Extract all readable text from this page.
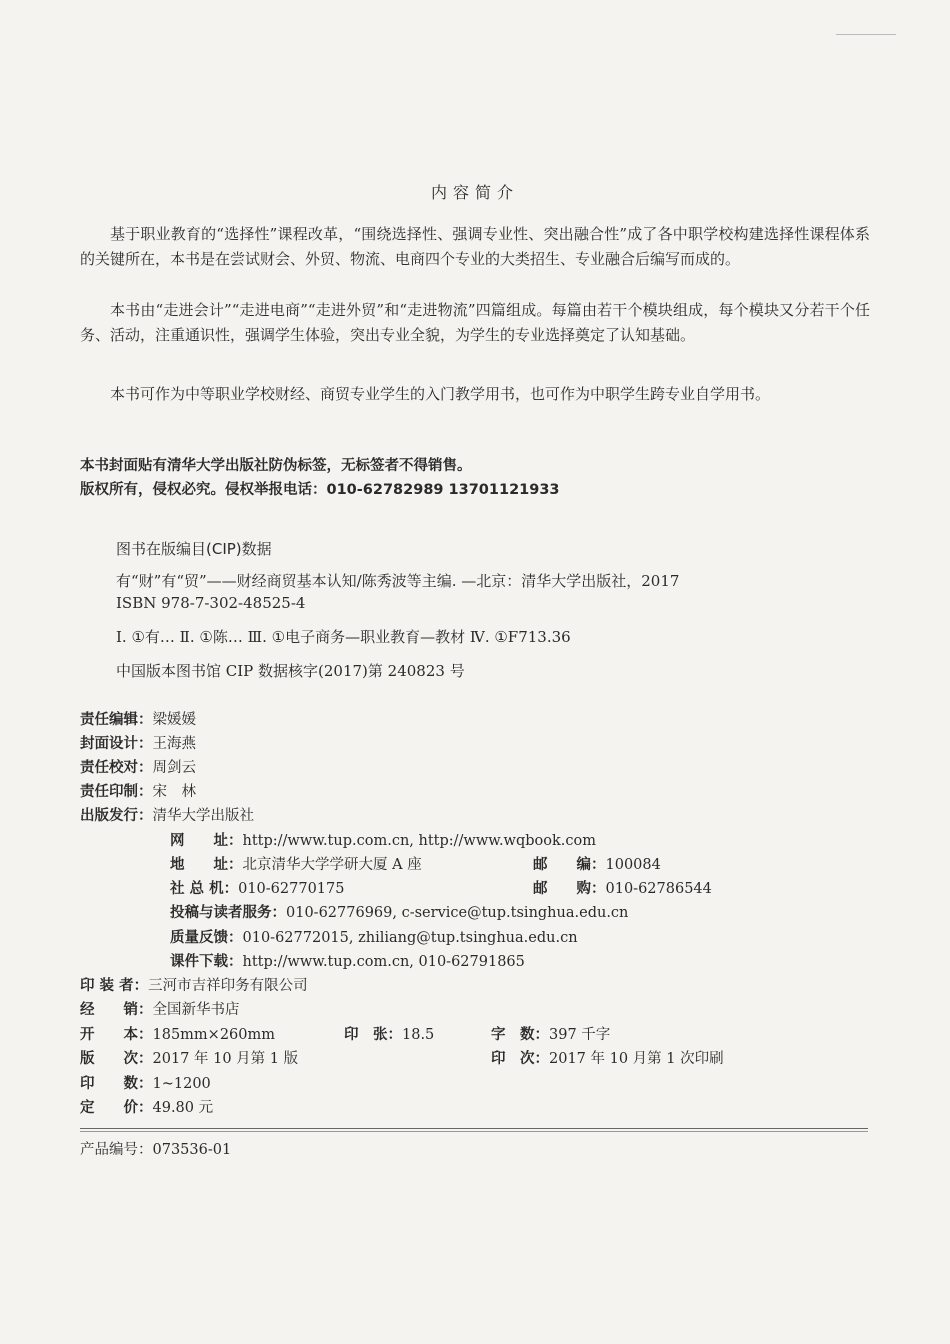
内容简介
基于职业教育的“选择性”课程改革，“围绕选择性、强调专业性、突出融合性”成了各中职学校构建选择性课程体系的关键所在，本书是在尝试财会、外贸、物流、电商四个专业的大类招生、专业融合后编写而成的。
本书由“走进会计”“走进电商”“走进外贸”和“走进物流”四篇组成。每篇由若干个模块组成，每个模块又分若干个任务、活动，注重通识性，强调学生体验，突出专业全貌，为学生的专业选择奠定了认知基础。
本书可作为中等职业学校财经、商贸专业学生的入门教学用书，也可作为中职学生跨专业自学用书。
本书封面贴有清华大学出版社防伪标签，无标签者不得销售。
版权所有，侵权必究。侵权举报电话：010-62782989 13701121933
图书在版编目(CIP)数据
有“财”有“贸”——财经商贸基本认知/陈秀波等主编. —北京：清华大学出版社，2017
ISBN 978-7-302-48525-4
Ⅰ. ①有… Ⅱ. ①陈… Ⅲ. ①电子商务—职业教育—教材 Ⅳ. ①F713.36
中国版本图书馆 CIP 数据核字(2017)第 240823 号
责任编辑：梁媛媛
封面设计：王海燕
责任校对：周剑云
责任印制：宋　林
出版发行：清华大学出版社
网　　址：http://www.tup.com.cn, http://www.wqbook.com
地　　址：北京清华大学学研大厦 A 座	邮　　编：100084
社 总 机：010-62770175	邮　　购：010-62786544
投稿与读者服务：010-62776969, c-service@tup.tsinghua.edu.cn
质量反馈：010-62772015, zhiliang@tup.tsinghua.edu.cn
课件下载：http://www.tup.com.cn, 010-62791865
印 装 者：三河市吉祥印务有限公司
经　　销：全国新华书店
开　　本：185mm×260mm	印　张：18.5	字　数：397 千字
版　　次：2017 年 10 月第 1 版	印　次：2017 年 10 月第 1 次印刷
印　　数：1~1200
定　　价：49.80 元
产品编号：073536-01
